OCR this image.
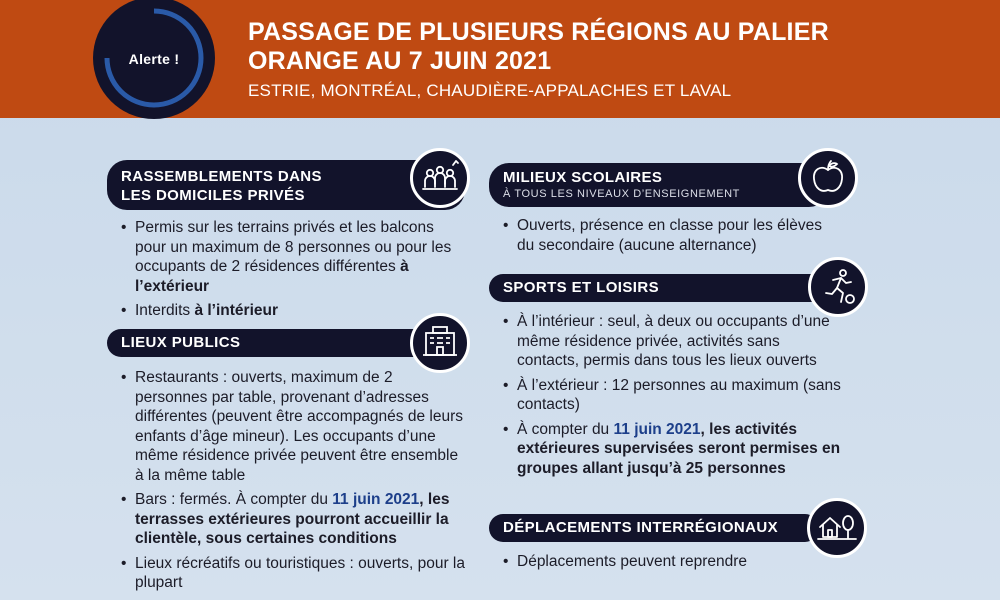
Alerte !
PASSAGE DE PLUSIEURS RÉGIONS AU PALIER
ORANGE AU 7 JUIN 2021
ESTRIE, MONTRÉAL, CHAUDIÈRE-APPALACHES ET LAVAL
RASSEMBLEMENTS DANS
LES DOMICILES PRIVÉS
• Permis sur les terrains privés et les balcons pour un maximum de 8 personnes ou pour les occupants de 2 résidences différentes à l’extérieur
• Interdits à l’intérieur
LIEUX PUBLICS
• Restaurants : ouverts, maximum de 2 personnes par table, provenant d’adresses différentes (peuvent être accompagnés de leurs enfants d’âge mineur). Les occupants d’une même résidence privée peuvent être ensemble à la même table
• Bars : fermés. À compter du 11 juin 2021, les terrasses extérieures pourront accueillir la clientèle, sous certaines conditions
• Lieux récréatifs ou touristiques : ouverts, pour la plupart
MILIEUX SCOLAIRES
À TOUS LES NIVEAUX D’ENSEIGNEMENT
• Ouverts, présence en classe pour les élèves du secondaire (aucune alternance)
SPORTS ET LOISIRS
• À l’intérieur : seul, à deux ou occupants d’une même résidence privée, activités sans contacts, permis dans tous les lieux ouverts
• À l’extérieur : 12 personnes au maximum (sans contacts)
• À compter du 11 juin 2021, les activités extérieures supervisées seront permises en groupes allant jusqu’à 25 personnes
DÉPLACEMENTS INTERRÉGIONAUX
• Déplacements peuvent reprendre
